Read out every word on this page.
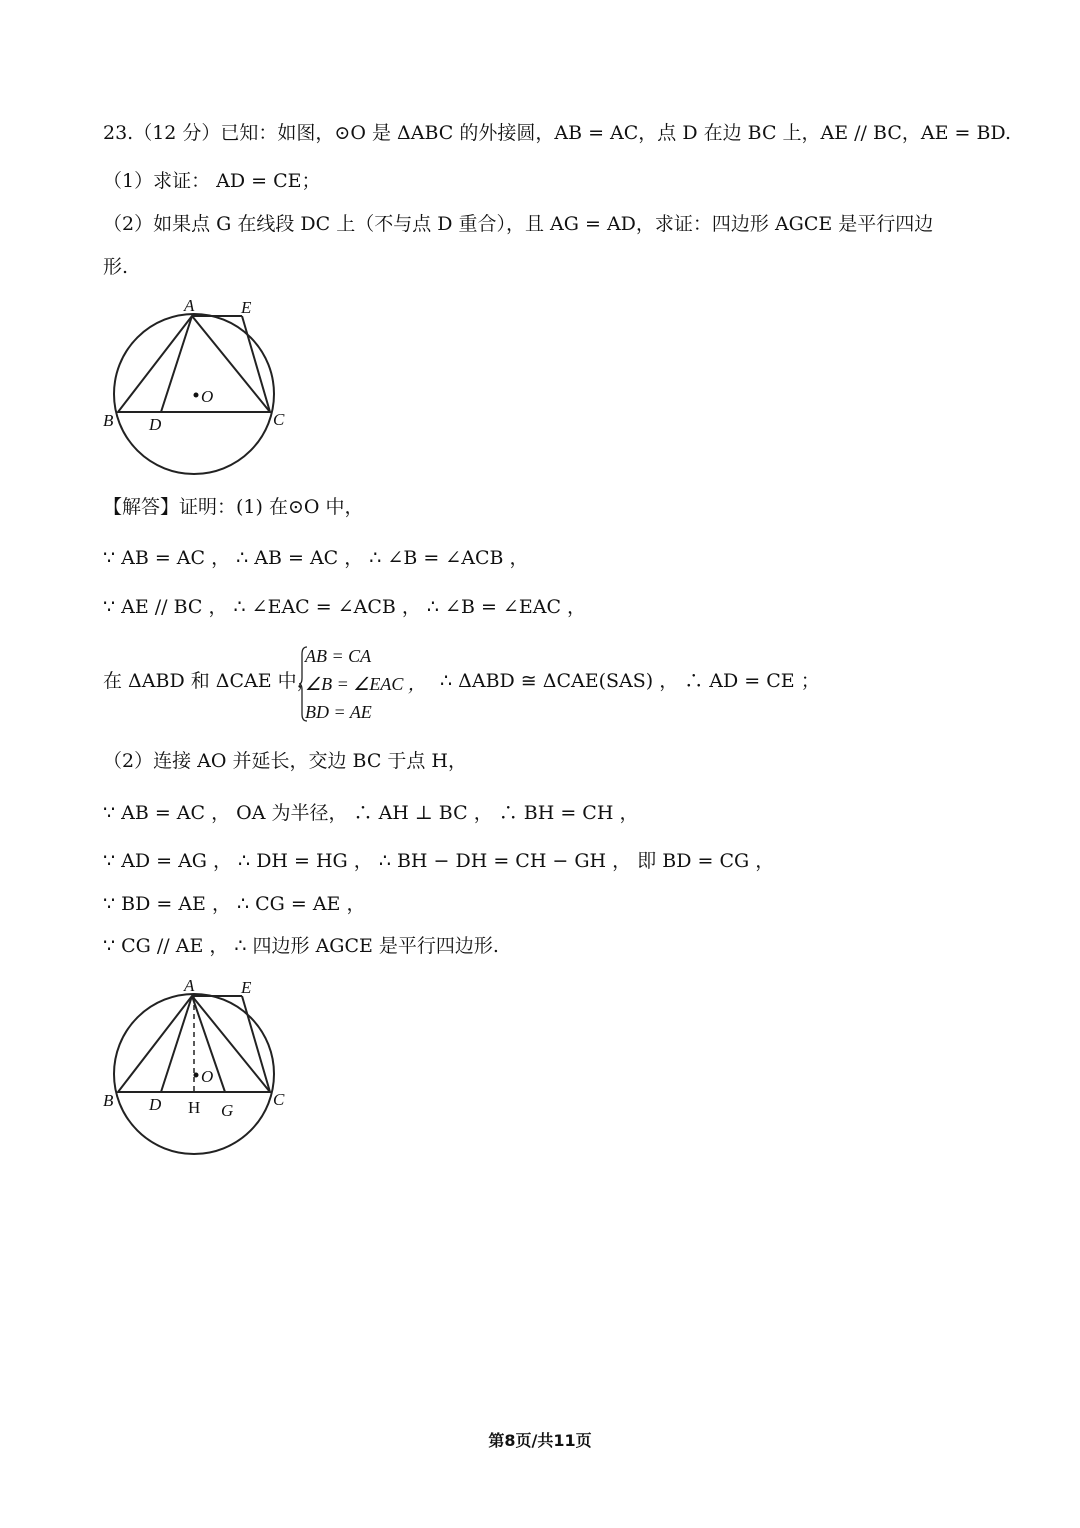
23.（12 分）已知：如图，⊙O 是 ΔABC 的外接圆，AB = AC，点 D 在边 BC 上，AE // BC，AE = BD.
（1）求证： AD = CE；
（2）如果点 G 在线段 DC 上（不与点 D 重合），且 AG = AD，求证：四边形 AGCE 是平行四边
形.
A	E
O
B D	C
【解答】证明：(1) 在⊙O 中，
∵ AB = AC ， ∴ AB = AC ， ∴ ∠B = ∠ACB ，
∵ AE // BC ， ∴ ∠EAC = ∠ACB ， ∴ ∠B = ∠EAC ，
在 ΔABD 和 ΔCAE 中，
AB = CA
∠B = ∠EAC ，
BD = AE
∴ ΔABD ≅ ΔCAE(SAS) ， ∴ AD = CE ；
（2）连接 AO 并延长，交边 BC 于点 H，
∵ AB = AC ， OA 为半径， ∴ AH ⊥ BC ， ∴ BH = CH ，
∵ AD = AG ， ∴ DH = HG ， ∴ BH − DH = CH − GH ， 即 BD = CG ，
∵ BD = AE ， ∴ CG = AE ，
∵ CG // AE ， ∴ 四边形 AGCE 是平行四边形.
A	E
O
B D H G
C
第8页/共11页
